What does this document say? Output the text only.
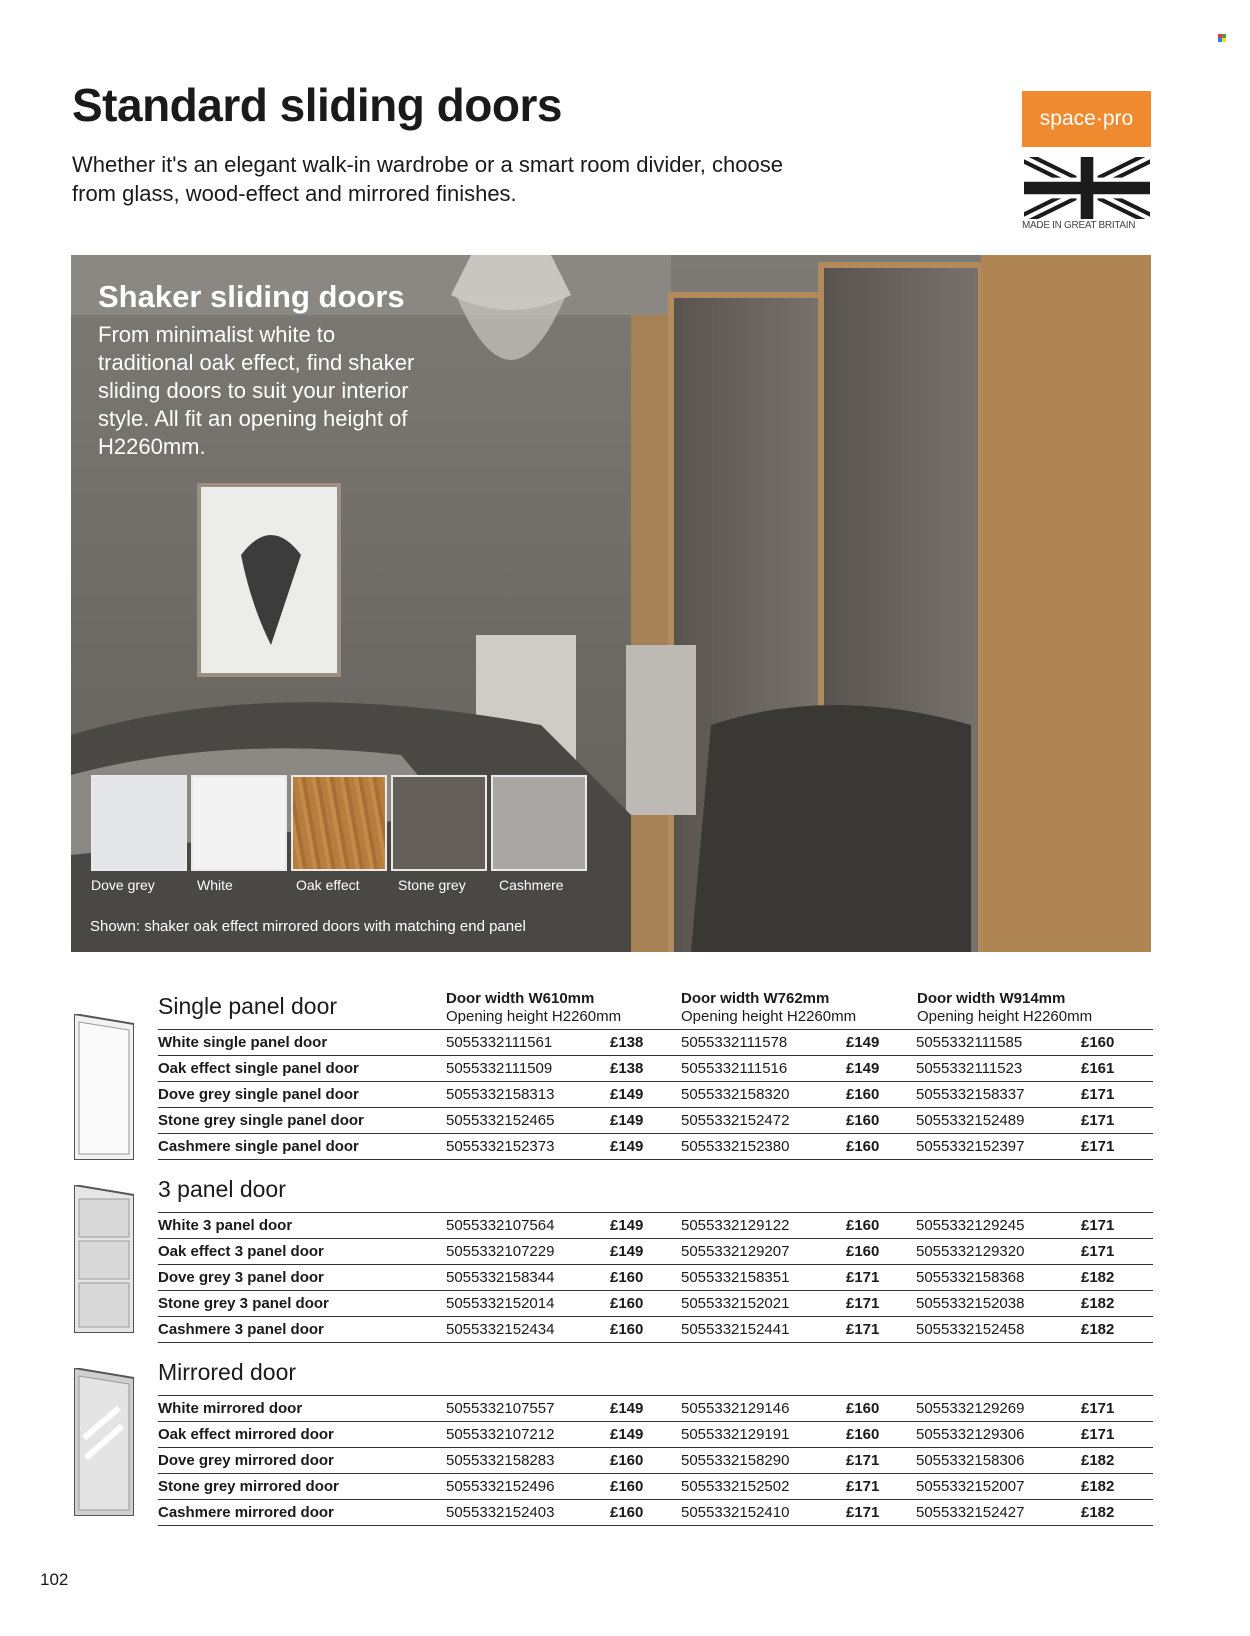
Standard sliding doors

Whether it's an elegant walk-in wardrobe or a smart room divider, choose from glass, wood-effect and mirrored finishes.

space·pro
MADE IN GREAT BRITAIN
Shaker sliding doors

From minimalist white to traditional oak effect, find shaker sliding doors to suit your interior style. All fit an opening height of H2260mm.

Dove grey	White	Oak effect	Stone grey Cashmere
Shown: shaker oak effect mirrored doors with matching end panel
Door width W610mm
Opening height H2260mm
Door width W762mm
Opening height H2260mm
Door width W914mm
Opening height H2260mm
Single panel door
3 panel door
Mirrored door
White single panel door	5055332111561	£138	5055332111578	£149 5055332111585	£160
Oak effect single panel door	5055332111509	£138	5055332111516	£149 5055332111523	£161
Dove grey single panel door	5055332158313	£149	5055332158320	£160 5055332158337	£171
Stone grey single panel door	5055332152465	£149	5055332152472	£160 5055332152489	£171
Cashmere single panel door	5055332152373	£149	5055332152380	£160 5055332152397	£171
White 3 panel door	5055332107564	£149	5055332129122	£160 5055332129245	£171
Oak effect 3 panel door	5055332107229	£149	5055332129207	£160 5055332129320	£171
Dove grey 3 panel door	5055332158344	£160	5055332158351	£171 5055332158368	£182
Stone grey 3 panel door	5055332152014	£160	5055332152021	£171 5055332152038	£182
Cashmere 3 panel door	5055332152434	£160	5055332152441	£171 5055332152458	£182
White mirrored door	5055332107557	£149	5055332129146	£160 5055332129269	£171
Oak effect mirrored door	5055332107212	£149	5055332129191	£160 5055332129306	£171
Dove grey mirrored door	5055332158283	£160	5055332158290	£171 5055332158306	£182
Stone grey mirrored door	5055332152496	£160	5055332152502	£171 5055332152007	£182
Cashmere mirrored door	5055332152403	£160	5055332152410	£171 5055332152427	£182
102
